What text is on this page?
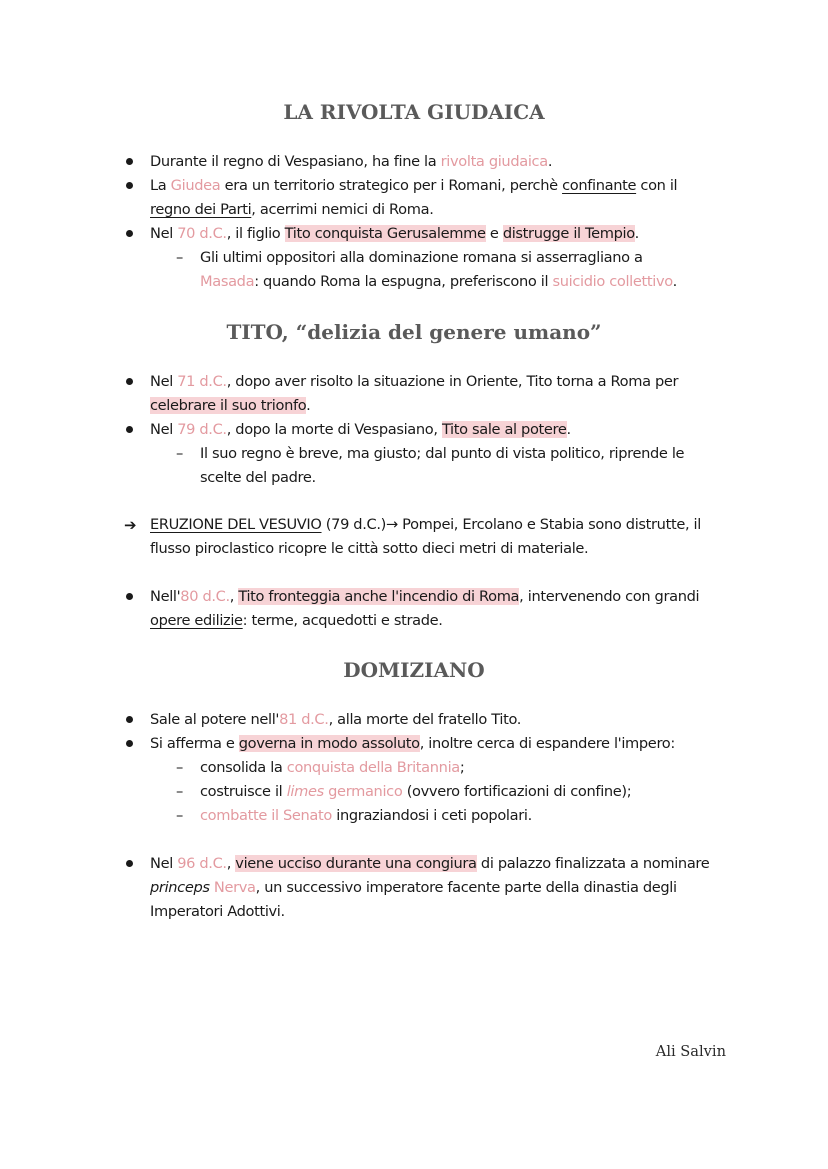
LA RIVOLTA GIUDAICA
Durante il regno di Vespasiano, ha fine la rivolta giudaica.
La Giudea era un territorio strategico per i Romani, perchè confinante con il
regno dei Parti, acerrimi nemici di Roma.
Nel 70 d.C., il figlio Tito conquista Gerusalemme e distrugge il Tempio.
– Gli ultimi oppositori alla dominazione romana si asserragliano a
Masada: quando Roma la espugna, preferiscono il suicidio collettivo.
TITO, “delizia del genere umano”
Nel 71 d.C., dopo aver risolto la situazione in Oriente, Tito torna a Roma per
celebrare il suo trionfo.
Nel 79 d.C., dopo la morte di Vespasiano, Tito sale al potere.
– Il suo regno è breve, ma giusto; dal punto di vista politico, riprende le
scelte del padre.
➔ ERUZIONE DEL VESUVIO (79 d.C.)→ Pompei, Ercolano e Stabia sono distrutte, il
flusso piroclastico ricopre le città sotto dieci metri di materiale.
Nell'80 d.C., Tito fronteggia anche l'incendio di Roma, intervenendo con grandi
opere edilizie: terme, acquedotti e strade.
DOMIZIANO
Sale al potere nell'81 d.C., alla morte del fratello Tito.
Si afferma e governa in modo assoluto, inoltre cerca di espandere l'impero:
– consolida la conquista della Britannia;
– costruisce il limes germanico (ovvero fortificazioni di confine);
– combatte il Senato ingraziandosi i ceti popolari.
Nel 96 d.C., viene ucciso durante una congiura di palazzo finalizzata a nominare
princeps Nerva, un successivo imperatore facente parte della dinastia degli
Imperatori Adottivi.
Ali Salvin
